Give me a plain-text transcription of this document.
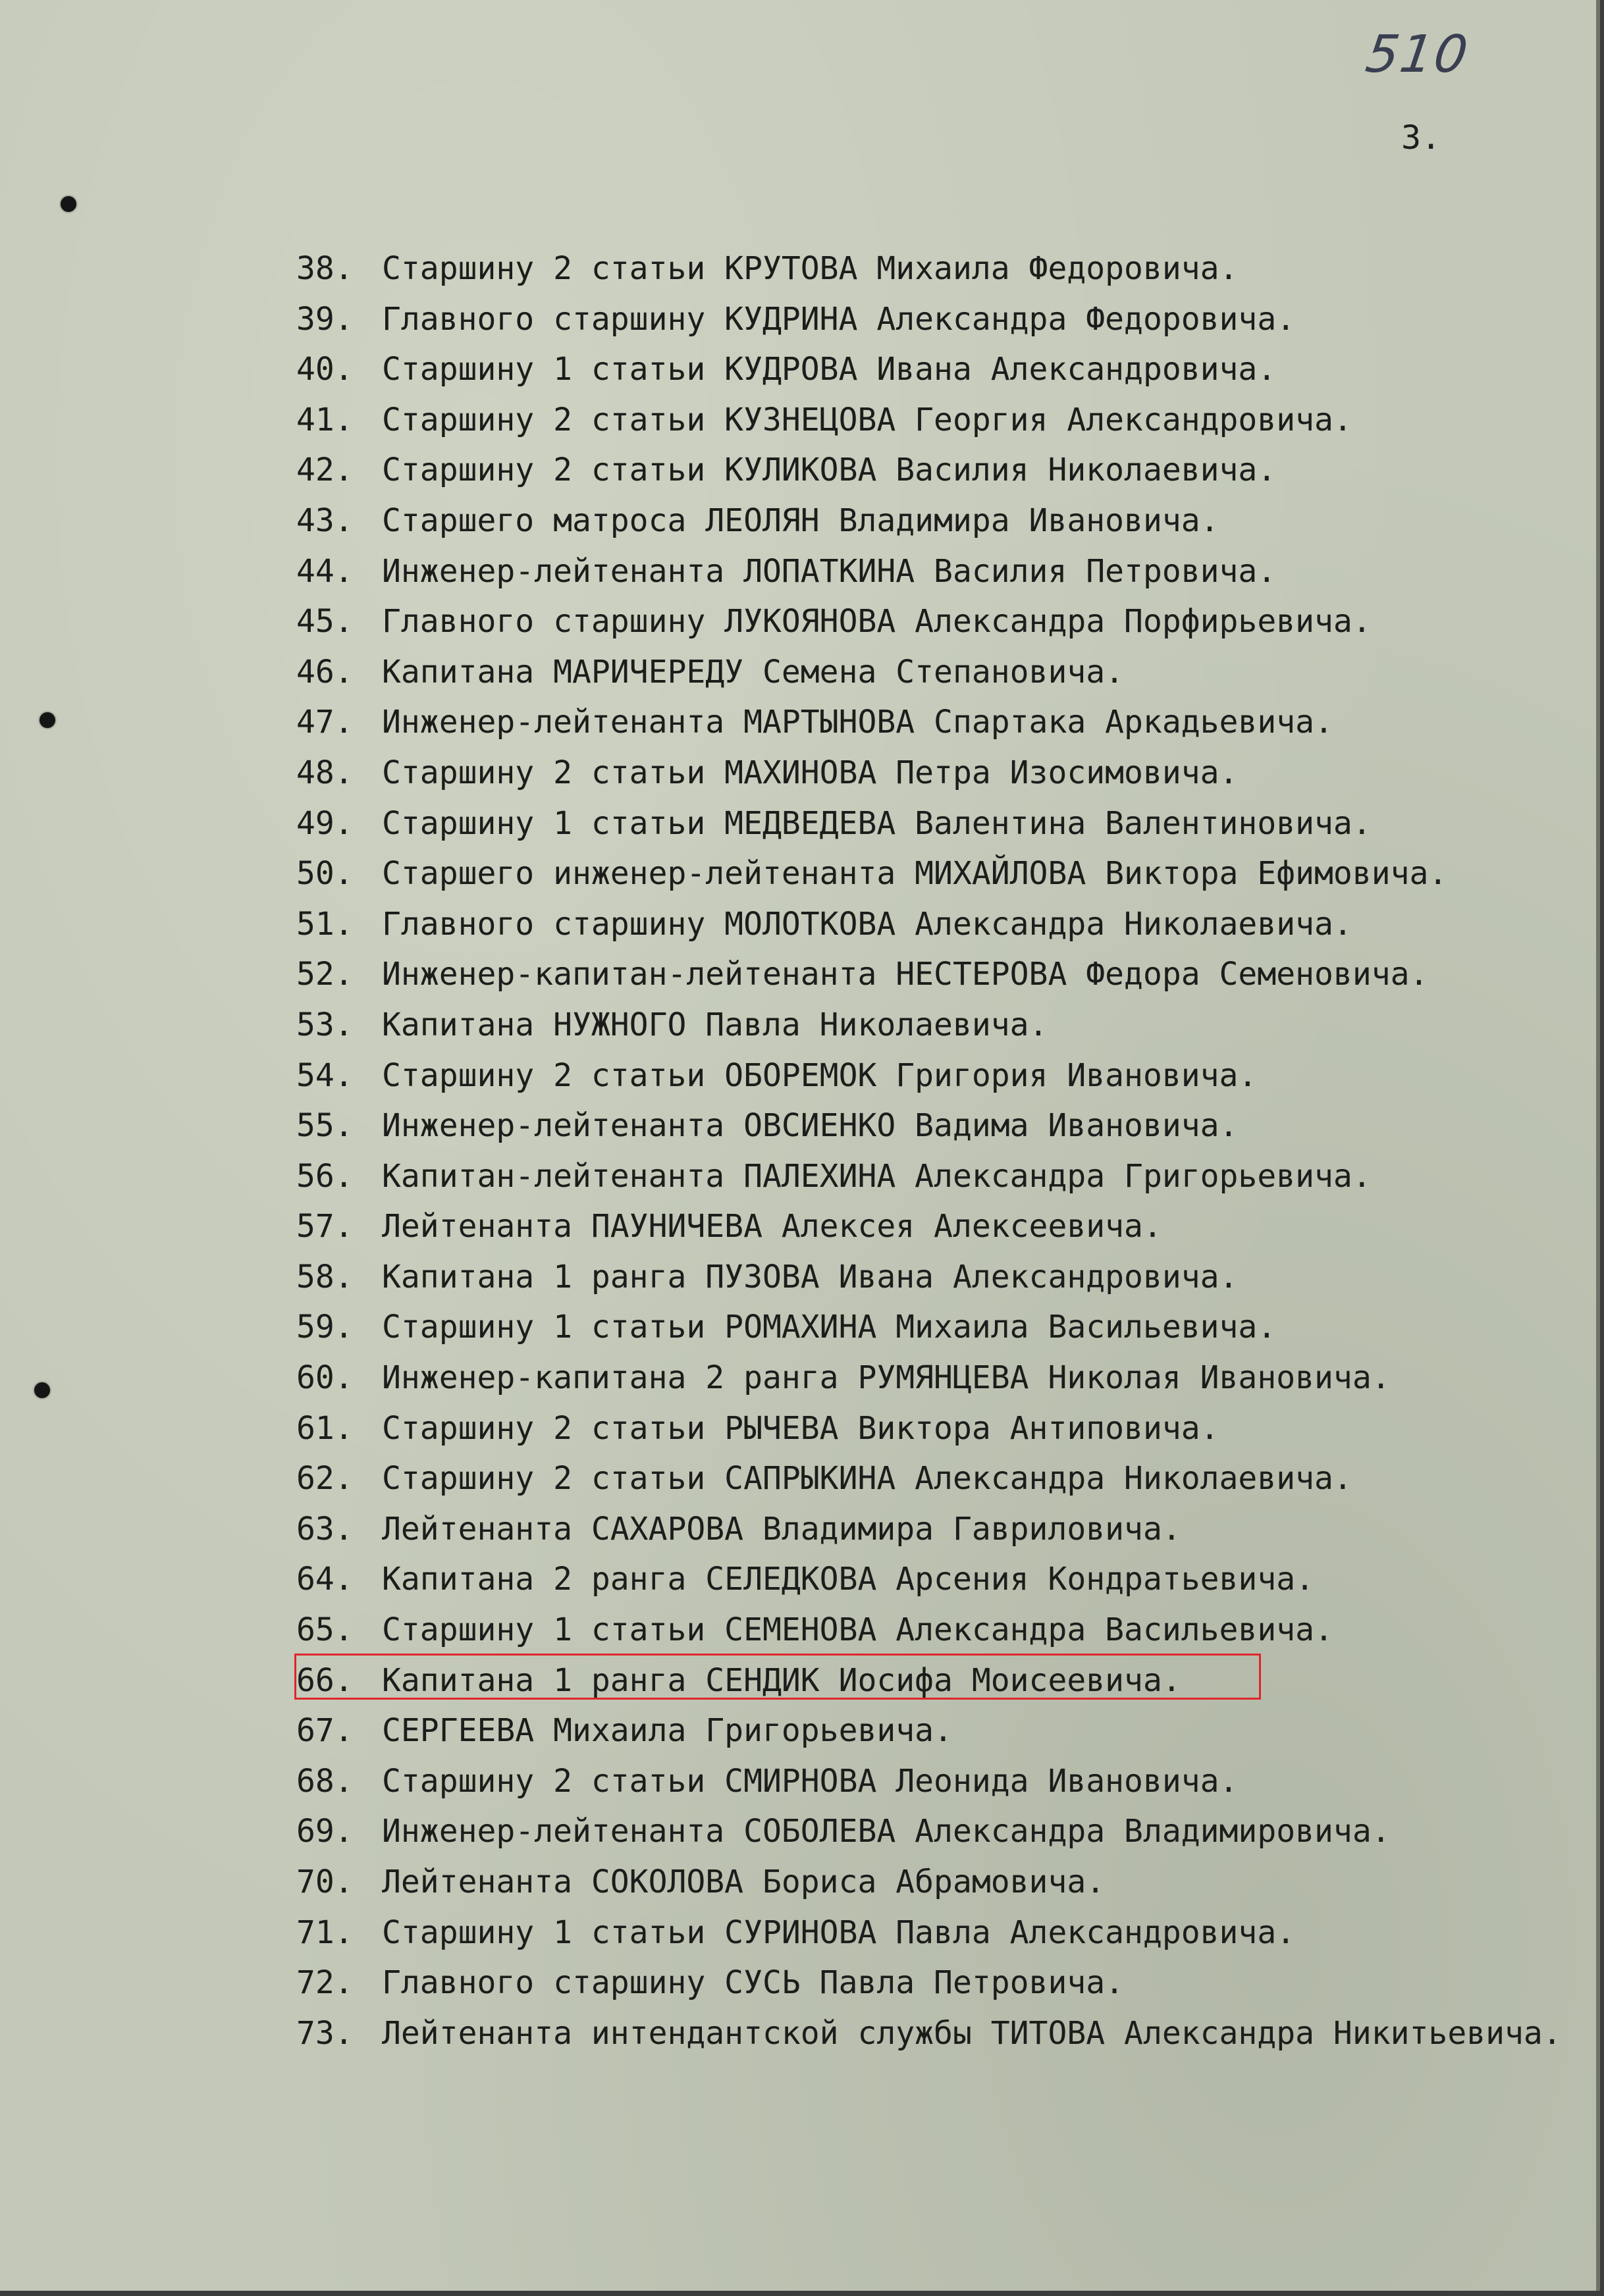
510
3.
38. Старшину 2 статьи КРУТОВА Михаила Федоровича.
39. Главного старшину КУДРИНА Александра Федоровича.
40. Старшину 1 статьи КУДРОВА Ивана Александровича.
41. Старшину 2 статьи КУЗНЕЦОВА Георгия Александровича.
42. Старшину 2 статьи КУЛИКОВА Василия Николаевича.
43. Старшего матроса ЛЕОЛЯН Владимира Ивановича.
44. Инженер-лейтенанта ЛОПАТКИНА Василия Петровича.
45. Главного старшину ЛУКОЯНОВА Александра Порфирьевича.
46. Капитана МАРИЧЕРЕДУ Семена Степановича.
47. Инженер-лейтенанта МАРТЫНОВА Спартака Аркадьевича.
48. Старшину 2 статьи МАХИНОВА Петра Изосимовича.
49. Старшину 1 статьи МЕДВЕДЕВА Валентина Валентиновича.
50. Старшего инженер-лейтенанта МИХАЙЛОВА Виктора Ефимовича.
51. Главного старшину МОЛОТКОВА Александра Николаевича.
52. Инженер-капитан-лейтенанта НЕСТЕРОВА Федора Семеновича.
53. Капитана НУЖНОГО Павла Николаевича.
54. Старшину 2 статьи ОБОРЕМОК Григория Ивановича.
55. Инженер-лейтенанта ОВСИЕНКО Вадима Ивановича.
56. Капитан-лейтенанта ПАЛЕХИНА Александра Григорьевича.
57. Лейтенанта ПАУНИЧЕВА Алексея Алексеевича.
58. Капитана 1 ранга ПУЗОВА Ивана Александровича.
59. Старшину 1 статьи РОМАХИНА Михаила Васильевича.
60. Инженер-капитана 2 ранга РУМЯНЦЕВА Николая Ивановича.
61. Старшину 2 статьи РЫЧЕВА Виктора Антиповича.
62. Старшину 2 статьи САПРЫКИНА Александра Николаевича.
63. Лейтенанта САХАРОВА Владимира Гавриловича.
64. Капитана 2 ранга СЕЛЕДКОВА Арсения Кондратьевича.
65. Старшину 1 статьи СЕМЕНОВА Александра Васильевича.
66. Капитана 1 ранга СЕНДИК Иосифа Моисеевича.
67. СЕРГЕЕВА Михаила Григорьевича.
68. Старшину 2 статьи СМИРНОВА Леонида Ивановича.
69. Инженер-лейтенанта СОБОЛЕВА Александра Владимировича.
70. Лейтенанта СОКОЛОВА Бориса Абрамовича.
71. Старшину 1 статьи СУРИНОВА Павла Александровича.
72. Главного старшину СУСЬ Павла Петровича.
73. Лейтенанта интендантской службы ТИТОВА Александра Никитьевича.
